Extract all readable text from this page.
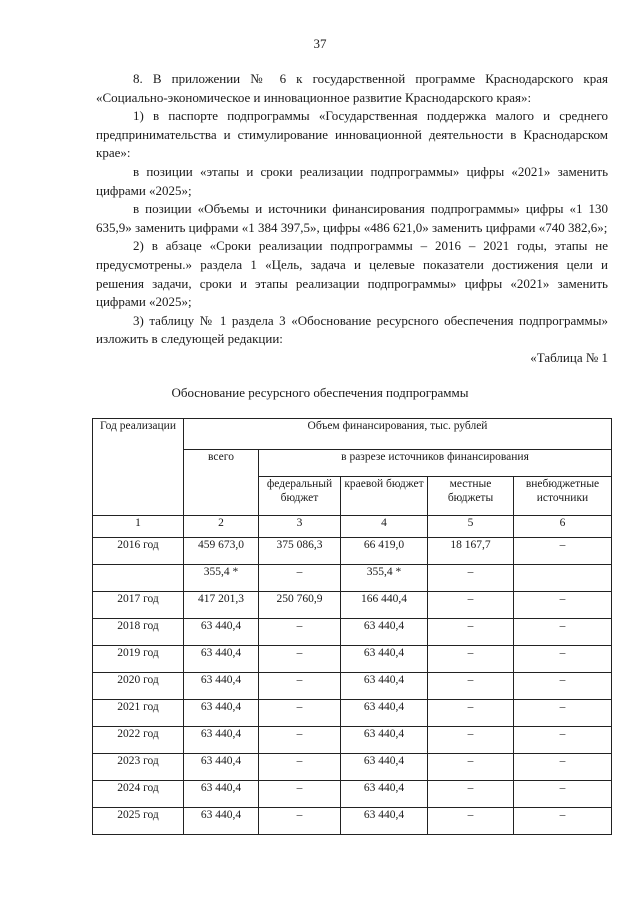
37

8. В приложении № 6 к государственной программе Краснодарского края «Социально-экономическое и инновационное развитие Краснодарского края»:

1) в паспорте подпрограммы «Государственная поддержка малого и среднего предпринимательства и стимулирование инновационной деятельности в Краснодарском крае»:

в позиции «этапы и сроки реализации подпрограммы» цифры «2021» заменить цифрами «2025»;

в позиции «Объемы и источники финансирования подпрограммы» цифры «1 130 635,9» заменить цифрами «1 384 397,5», цифры «486 621,0» заменить цифрами «740 382,6»;

2) в абзаце «Сроки реализации подпрограммы – 2016 – 2021 годы, этапы не предусмотрены.» раздела 1 «Цель, задача и целевые показатели достижения цели и решения задачи, сроки и этапы реализации подпрограммы» цифры «2021» заменить цифрами «2025»;

3) таблицу № 1 раздела 3 «Обоснование ресурсного обеспечения подпрограммы» изложить в следующей редакции:

«Таблица № 1

Обоснование ресурсного обеспечения подпрограммы
Год реализации	Объем финансирования, тыс. рублей				
	всего	в разрезе источников финансирования			
		федеральный бюджет	краевой бюджет	местные бюджеты	внебюджетные источники
1	2	3	4	5	6
2016 год	459 673,0	375 086,3	66 419,0	18 167,7	–
	355,4 *	–	355,4 *	–	
2017 год	417 201,3	250 760,9	166 440,4	–	–
2018 год	63 440,4	–	63 440,4	–	–
2019 год	63 440,4	–	63 440,4	–	–
2020 год	63 440,4	–	63 440,4	–	–
2021 год	63 440,4	–	63 440,4	–	–
2022 год	63 440,4	–	63 440,4	–	–
2023 год	63 440,4	–	63 440,4	–	–
2024 год	63 440,4	–	63 440,4	–	–
2025 год	63 440,4	–	63 440,4	–	–
